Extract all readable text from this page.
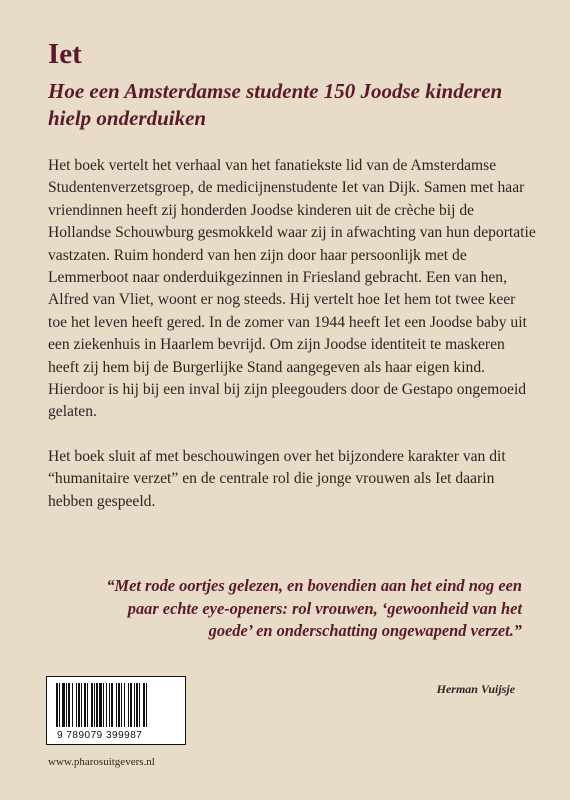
Iet
Hoe een Amsterdamse studente 150 Joodse kinderen hielp onderduiken

Het boek vertelt het verhaal van het fanatiekste lid van de Amsterdamse Studentenverzetsgroep, de medicijnenstudente Iet van Dijk. Samen met haar vriendinnen heeft zij honderden Joodse kinderen uit de crèche bij de Hollandse Schouwburg gesmokkeld waar zij in afwachting van hun deportatie vastzaten. Ruim honderd van hen zijn door haar persoonlijk met de Lemmerboot naar onderduikgezinnen in Friesland gebracht. Een van hen, Alfred van Vliet, woont er nog steeds. Hij vertelt hoe Iet hem tot twee keer toe het leven heeft gered. In de zomer van 1944 heeft Iet een Joodse baby uit een ziekenhuis in Haarlem bevrijd. Om zijn Joodse identiteit te maskeren heeft zij hem bij de Burgerlijke Stand aangegeven als haar eigen kind. Hierdoor is hij bij een inval bij zijn pleegouders door de Gestapo ongemoeid gelaten.

Het boek sluit af met beschouwingen over het bijzondere karakter van dit “humanitaire verzet” en de centrale rol die jonge vrouwen als Iet daarin hebben gespeeld.

“Met rode oortjes gelezen, en bovendien aan het eind nog een paar echte eye-openers: rol vrouwen, ‘gewoonheid van het goede’ en onderschatting ongewapend verzet.”

Herman Vuijsje
9 789079 399987
www.pharosuitgevers.nl
